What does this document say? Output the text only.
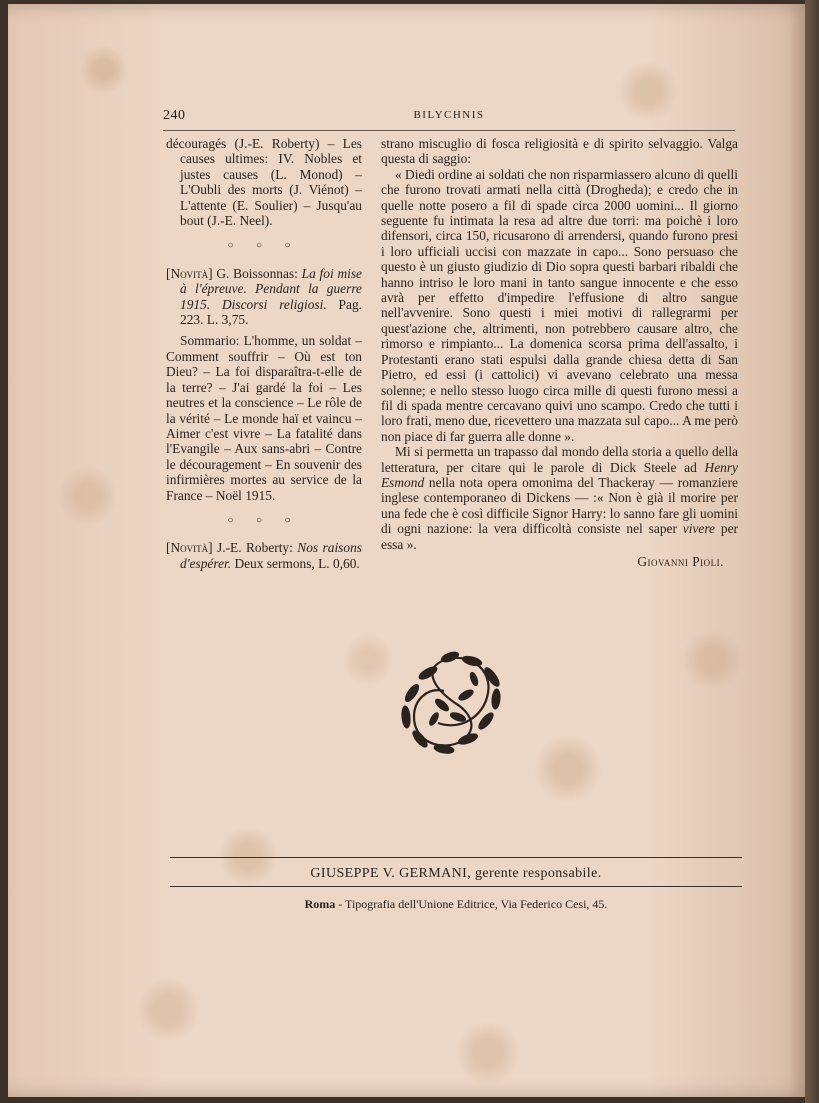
240	BILYCHNIS

découragés (J.-E. Roberty) – Les causes ultimes: IV. Nobles et justes causes (L. Monod) – L'Oubli des morts (J. Viénot) – L'attente (E. Soulier) – Jusqu'au bout (J.-E. Neel).

○ ○ ○

[Novità] G. Boissonnas: La foi mise à l'épreuve. Pendant la guerre 1915. Discorsi religiosi. Pag. 223. L. 3,75.

Sommario: L'homme, un soldat – Comment souffrir – Où est ton Dieu? – La foi disparaîtra-t-elle de la terre? – J'ai gardé la foi – Les neutres et la conscience – Le rôle de la vérité – Le monde haï et vaincu – Aimer c'est vivre – La fatalité dans l'Evangile – Aux sans-abri – Contre le découragement – En souvenir des infirmières mortes au service de la France – Noël 1915.

○ ○ ○

[Novità] J.-E. Roberty: Nos raisons d'espérer. Deux sermons, L. 0,60.

strano miscuglio di fosca religiosità e di spirito selvaggio. Valga questa di saggio:

« Diedi ordine ai soldati che non risparmiassero alcuno di quelli che furono trovati armati nella città (Drogheda); e credo che in quelle notte posero a fil di spade circa 2000 uomini... Il giorno seguente fu intimata la resa ad altre due torri: ma poichè i loro difensori, circa 150, ricusarono di arrendersi, quando furono presi i loro ufficiali uccisi con mazzate in capo... Sono persuaso che questo è un giusto giudizio di Dio sopra questi barbari ribaldi che hanno intriso le loro mani in tanto sangue innocente e che esso avrà per effetto d'impedire l'effusione di altro sangue nell'avvenire. Sono questi i miei motivi di rallegrarmi per quest'azione che, altrimenti, non potrebbero causare altro, che rimorso e rimpianto... La domenica scorsa prima dell'assalto, i Protestanti erano stati espulsi dalla grande chiesa detta di San Pietro, ed essi (i cattolici) vi avevano celebrato una messa solenne; e nello stesso luogo circa mille di questi furono messi a fil di spada mentre cercavano quivi uno scampo. Credo che tutti i loro frati, meno due, ricevettero una mazzata sul capo... A me però non piace di far guerra alle donne ».

Mi si permetta un trapasso dal mondo della storia a quello della letteratura, per citare qui le parole di Dick Steele ad Henry Esmond nella nota opera omonima del Thackeray — romanziere inglese contemporaneo di Dickens — :« Non è già il morire per una fede che è così difficile Signor Harry: lo sanno fare gli uomini di ogni nazione: la vera difficoltà consiste nel saper vivere per essa ».

Giovanni Pioli.

GIUSEPPE V. GERMANI, gerente responsabile.
Roma - Tipografia dell'Unione Editrice, Via Federico Cesi, 45.
